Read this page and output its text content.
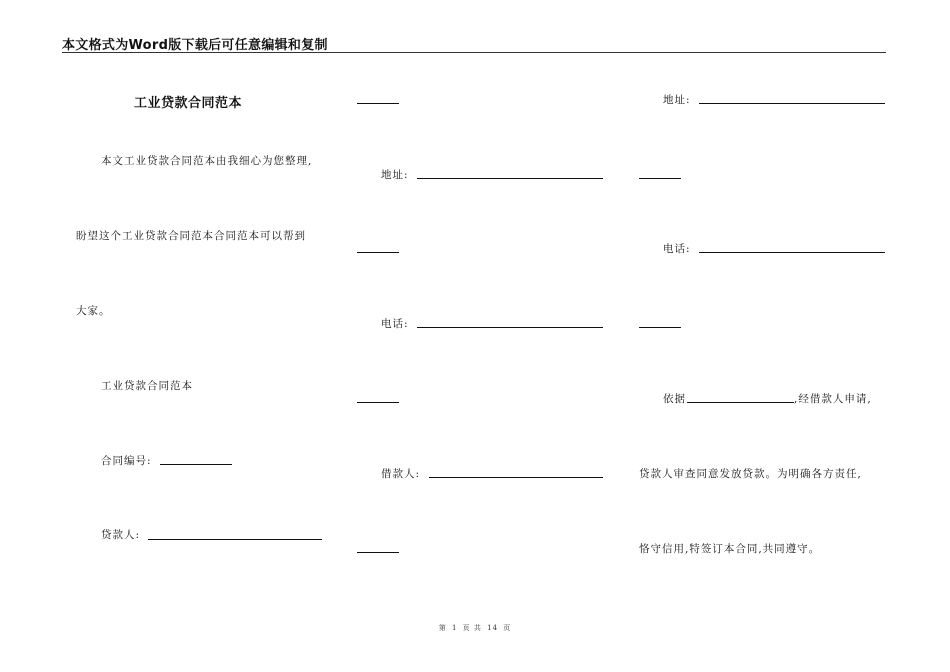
本文格式为Word版下载后可任意编辑和复制
工业贷款合同范本
本文工业贷款合同范本由我细心为您整理,
盼望这个工业贷款合同范本合同范本可以帮到
大家。
工业贷款合同范本
合同编号:
贷款人:
地址:
电话:
借款人:
地址:
电话:
依据	,经借款人申请,
贷款人审查同意发放贷款。为明确各方责任,
恪守信用,特签订本合同,共同遵守。
第 1 页 共 14 页
